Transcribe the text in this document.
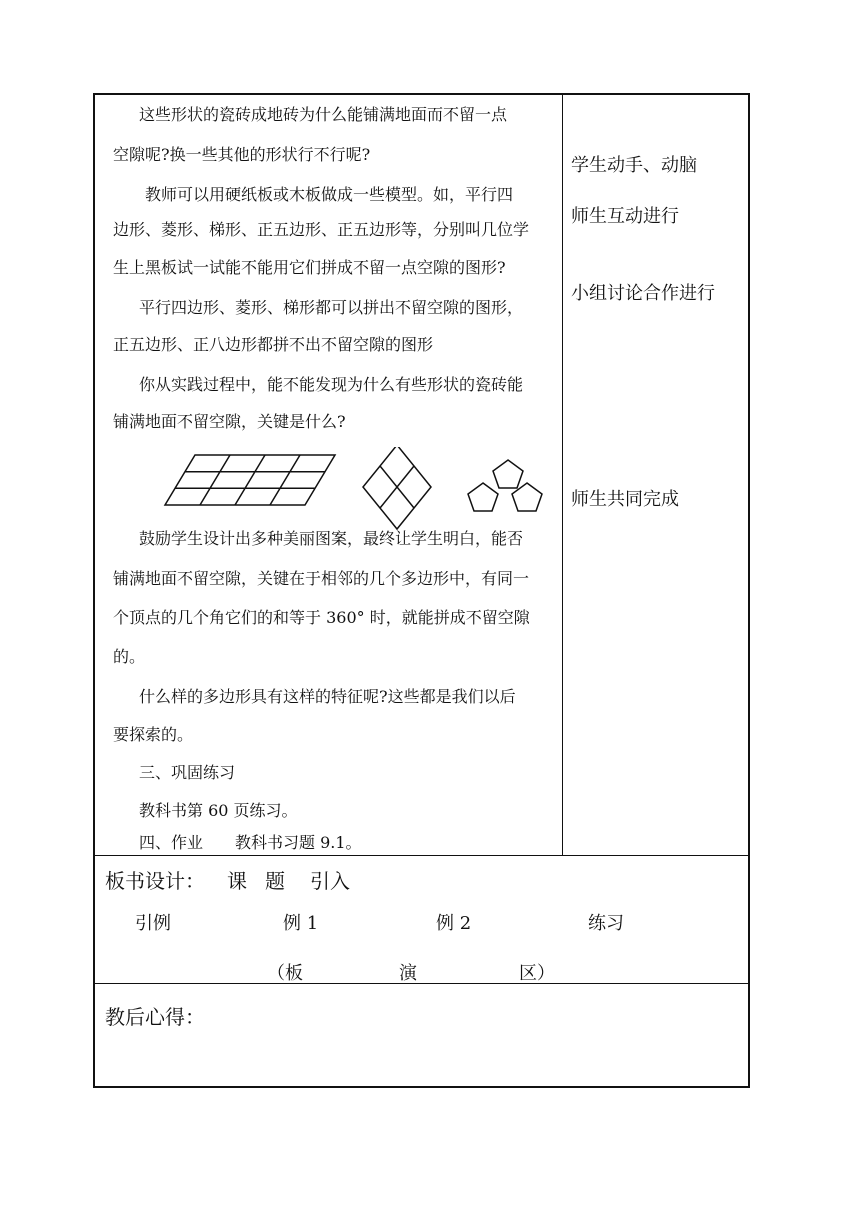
这些形状的瓷砖成地砖为什么能铺满地面而不留一点

空隙呢?换一些其他的形状行不行呢?

教师可以用硬纸板或木板做成一些模型。如，平行四

边形、菱形、梯形、正五边形、正五边形等，分别叫几位学

生上黑板试一试能不能用它们拼成不留一点空隙的图形?

平行四边形、菱形、梯形都可以拼出不留空隙的图形，

正五边形、正八边形都拼不出不留空隙的图形

你从实践过程中，能不能发现为什么有些形状的瓷砖能

铺满地面不留空隙，关键是什么?

鼓励学生设计出多种美丽图案，最终让学生明白，能否

铺满地面不留空隙，关键在于相邻的几个多边形中，有同一

个顶点的几个角它们的和等于 360° 时，就能拼成不留空隙

的。

什么样的多边形具有这样的特征呢?这些都是我们以后

要探索的。

三、巩固练习

教科书第 60 页练习。

四、作业　　教科书习题 9.1。

学生动手、动脑
师生互动进行
小组讨论合作进行
师生共同完成
板书设计： 课 题 引入
引例	例 1	例 2	练习
（板	演	区）
教后心得：
